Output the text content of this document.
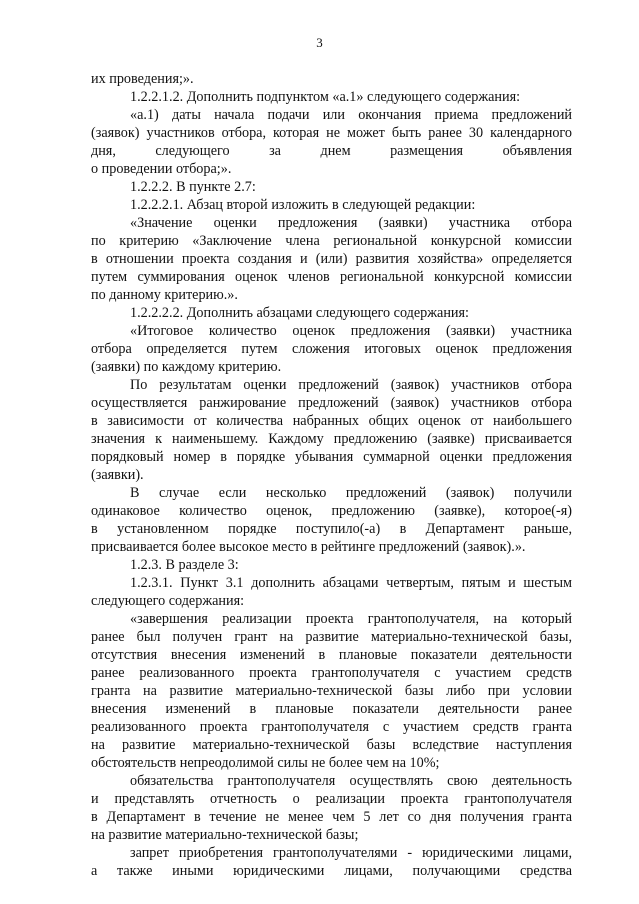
3
их проведения;».
1.2.2.1.2. Дополнить подпунктом «а.1» следующего содержания:
«а.1) даты начала подачи или окончания приема предложений
(заявок) участников отбора, которая не может быть ранее 30 календарного
дня, следующего за днем размещения объявления
о проведении отбора;».
1.2.2.2. В пункте 2.7:
1.2.2.2.1. Абзац второй изложить в следующей редакции:
«Значение оценки предложения (заявки) участника отбора
по критерию «Заключение члена региональной конкурсной комиссии
в отношении проекта создания и (или) развития хозяйства» определяется
путем суммирования оценок членов региональной конкурсной комиссии
по данному критерию.».
1.2.2.2.2. Дополнить абзацами следующего содержания:
«Итоговое количество оценок предложения (заявки) участника
отбора определяется путем сложения итоговых оценок предложения
(заявки) по каждому критерию.
По результатам оценки предложений (заявок) участников отбора
осуществляется ранжирование предложений (заявок) участников отбора
в зависимости от количества набранных общих оценок от наибольшего
значения к наименьшему. Каждому предложению (заявке) присваивается
порядковый номер в порядке убывания суммарной оценки предложения
(заявки).
В случае если несколько предложений (заявок) получили
одинаковое количество оценок, предложению (заявке), которое(-я)
в установленном порядке поступило(-а) в Департамент раньше,
присваивается более высокое место в рейтинге предложений (заявок).».
1.2.3. В разделе 3:
1.2.3.1. Пункт 3.1 дополнить абзацами четвертым, пятым и шестым
следующего содержания:
«завершения реализации проекта грантополучателя, на который
ранее был получен грант на развитие материально-технической базы,
отсутствия внесения изменений в плановые показатели деятельности
ранее реализованного проекта грантополучателя с участием средств
гранта на развитие материально-технической базы либо при условии
внесения изменений в плановые показатели деятельности ранее
реализованного проекта грантополучателя с участием средств гранта
на развитие материально-технической базы вследствие наступления
обстоятельств непреодолимой силы не более чем на 10%;
обязательства грантополучателя осуществлять свою деятельность
и представлять отчетность о реализации проекта грантополучателя
в Департамент в течение не менее чем 5 лет со дня получения гранта
на развитие материально-технической базы;
запрет приобретения грантополучателями - юридическими лицами,
а также иными юридическими лицами, получающими средства
